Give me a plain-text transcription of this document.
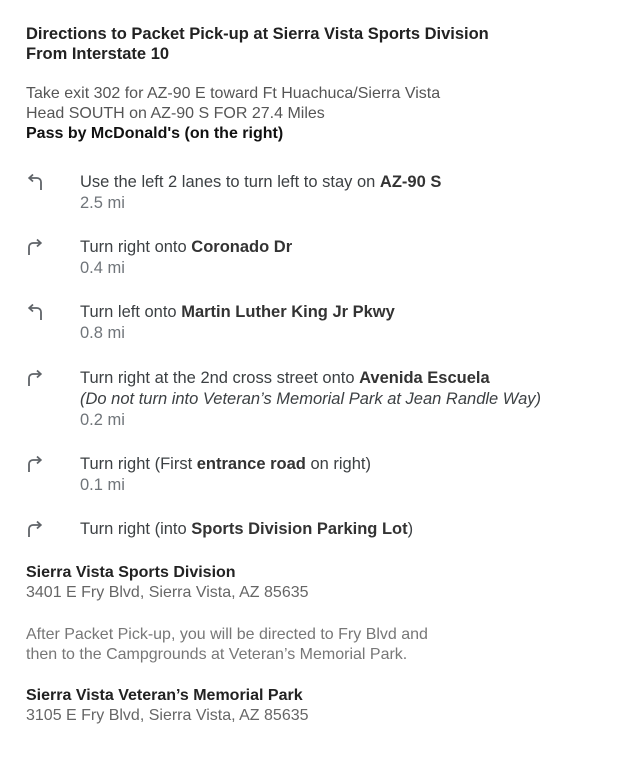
Directions to Packet Pick-up at Sierra Vista Sports Division
From Interstate 10
Take exit 302 for AZ-90 E toward Ft Huachuca/Sierra Vista
Head SOUTH on AZ-90 S FOR 27.4 Miles
Pass by McDonald's (on the right)
Use the left 2 lanes to turn left to stay on AZ-90 S
2.5 mi
Turn right onto Coronado Dr
0.4 mi
Turn left onto Martin Luther King Jr Pkwy
0.8 mi
Turn right at the 2nd cross street onto Avenida Escuela
(Do not turn into Veteran’s Memorial Park at Jean Randle Way)
0.2 mi
Turn right (First entrance road on right)
0.1 mi
Turn right (into Sports Division Parking Lot)
Sierra Vista Sports Division
3401 E Fry Blvd, Sierra Vista, AZ 85635
After Packet Pick-up, you will be directed to Fry Blvd and
then to the Campgrounds at Veteran’s Memorial Park.
Sierra Vista Veteran’s Memorial Park
3105 E Fry Blvd, Sierra Vista, AZ 85635
